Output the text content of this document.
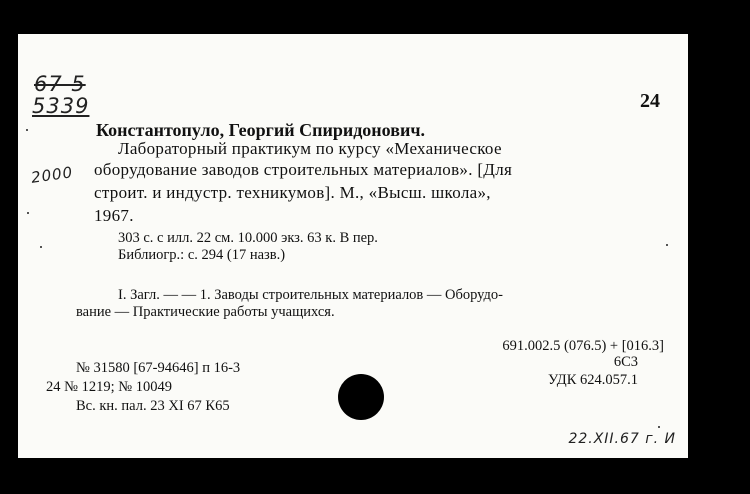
67-5
5339	24
2000
Константопуло, Георгий Спиридонович.
Лабораторный практикум по курсу «Механическое
оборудование заводов строительных материалов». [Для
строит. и индустр. техникумов]. М., «Высш. школа»,
1967.
303 с. с илл. 22 см. 10.000 экз. 63 к. В пер.
Библиогр.: с. 294 (17 назв.)
I. Загл. — — 1. Заводы строительных материалов — Оборудо-
вание — Практические работы учащихся.
691.002.5 (076.5) + [016.3]
6С3
УДК 624.057.1
№ 31580 [67-94646] п 16-3
24 № 1219; № 10049
Вс. кн. пал. 23 XI 67 К65
22.XII.67 г. И
